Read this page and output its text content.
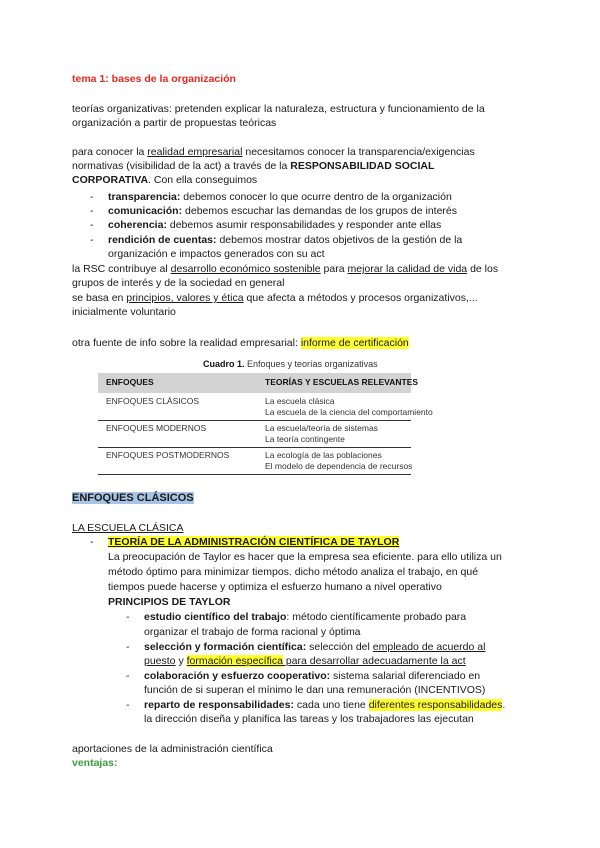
tema 1: bases de la organización
teorías organizativas: pretenden explicar la naturaleza, estructura y funcionamiento de la
organización a partir de propuestas teóricas
para conocer la realidad empresarial necesitamos conocer la transparencia/exigencias
normativas (visibilidad de la act) a través de la RESPONSABILIDAD SOCIAL
CORPORATIVA. Con ella conseguimos
-	transparencia: debemos conocer lo que ocurre dentro de la organización
-	comunicación: debemos escuchar las demandas de los grupos de interés
-	coherencia: debemos asumir responsabilidades y responder ante ellas
-	rendición de cuentas: debemos mostrar datos objetivos de la gestión de la
organización e impactos generados con su act
la RSC contribuye al desarrollo económico sostenible para mejorar la calidad de vida de los
grupos de interés y de la sociedad en general
se basa en principios, valores y ética que afecta a métodos y procesos organizativos,...
inicialmente voluntario
otra fuente de info sobre la realidad empresarial: informe de certificación
Cuadro 1. Enfoques y teorías organizativas
ENFOQUES	TEORÍAS Y ESCUELAS RELEVANTES
ENFOQUES CLÁSICOS	La escuela clásica
La escuela de la ciencia del comportamiento
ENFOQUES MODERNOS	La escuela/teoría de sistemas
La teoría contingente
ENFOQUES POSTMODERNOS	La ecología de las poblaciones
El modelo de dependencia de recursos
ENFOQUES CLÁSICOS
LA ESCUELA CLÁSICA
-	TEORÍA DE LA ADMINISTRACIÓN CIENTÍFICA DE TAYLOR
La preocupación de Taylor es hacer que la empresa sea eficiente. para ello utiliza un
método óptimo para minimizar tiempos. dicho método analiza el trabajo, en qué
tiempos puede hacerse y optimiza el esfuerzo humano a nivel operativo
PRINCIPIOS DE TAYLOR
-	estudio científico del trabajo: método científicamente probado para
organizar el trabajo de forma racional y óptima
-	selección y formación científica: selección del empleado de acuerdo al
puesto y formación específica para desarrollar adecuadamente la act
-	colaboración y esfuerzo cooperativo: sistema salarial diferenciado en
función de si superan el mínimo le dan una remuneración (INCENTIVOS)
-	reparto de responsabilidades: cada uno tiene diferentes responsabilidades.
la dirección diseña y planifica las tareas y los trabajadores las ejecutan
aportaciones de la administración científica
ventajas:
